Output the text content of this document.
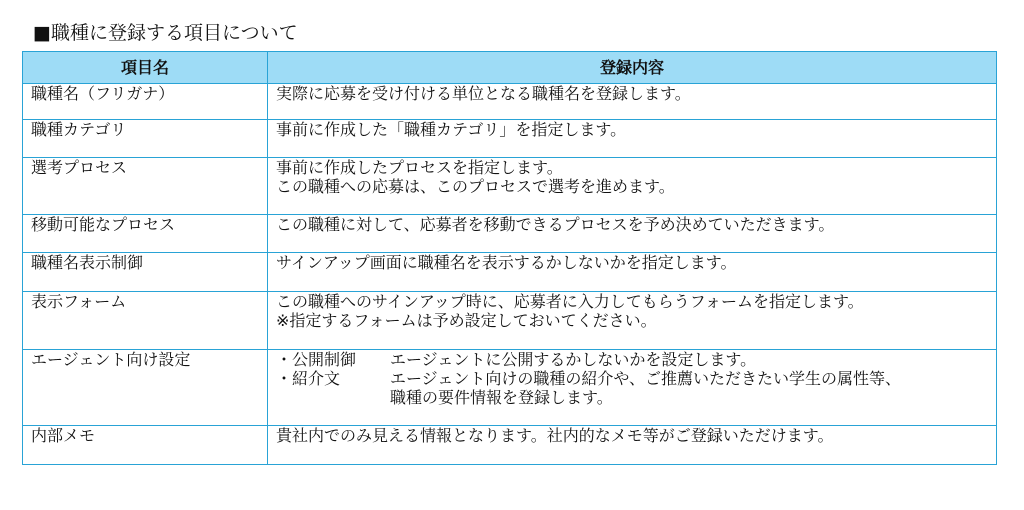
■職種に登録する項目について
項目名	登録内容
職種名（フリガナ）	実際に応募を受け付ける単位となる職種名を登録します。

職種カテゴリ	事前に作成した「職種カテゴリ」を指定します。

選考プロセス	事前に作成したプロセスを指定します。
この職種への応募は、このプロセスで選考を進めます。

移動可能なプロセス	この職種に対して、応募者を移動できるプロセスを予め決めていただきます。

職種名表示制御	サインアップ画面に職種名を表示するかしないかを指定します。

表示フォーム	この職種へのサインアップ時に、応募者に入力してもらうフォームを指定します。
※指定するフォームは予め設定しておいてください。

エージェント向け設定	・公開制御 エージェントに公開するかしないかを設定します。
・紹介文 エージェント向けの職種の紹介や、ご推薦いただきたい学生の属性等、
職種の要件情報を登録します。

内部メモ	貴社内でのみ見える情報となります。社内的なメモ等がご登録いただけます。
